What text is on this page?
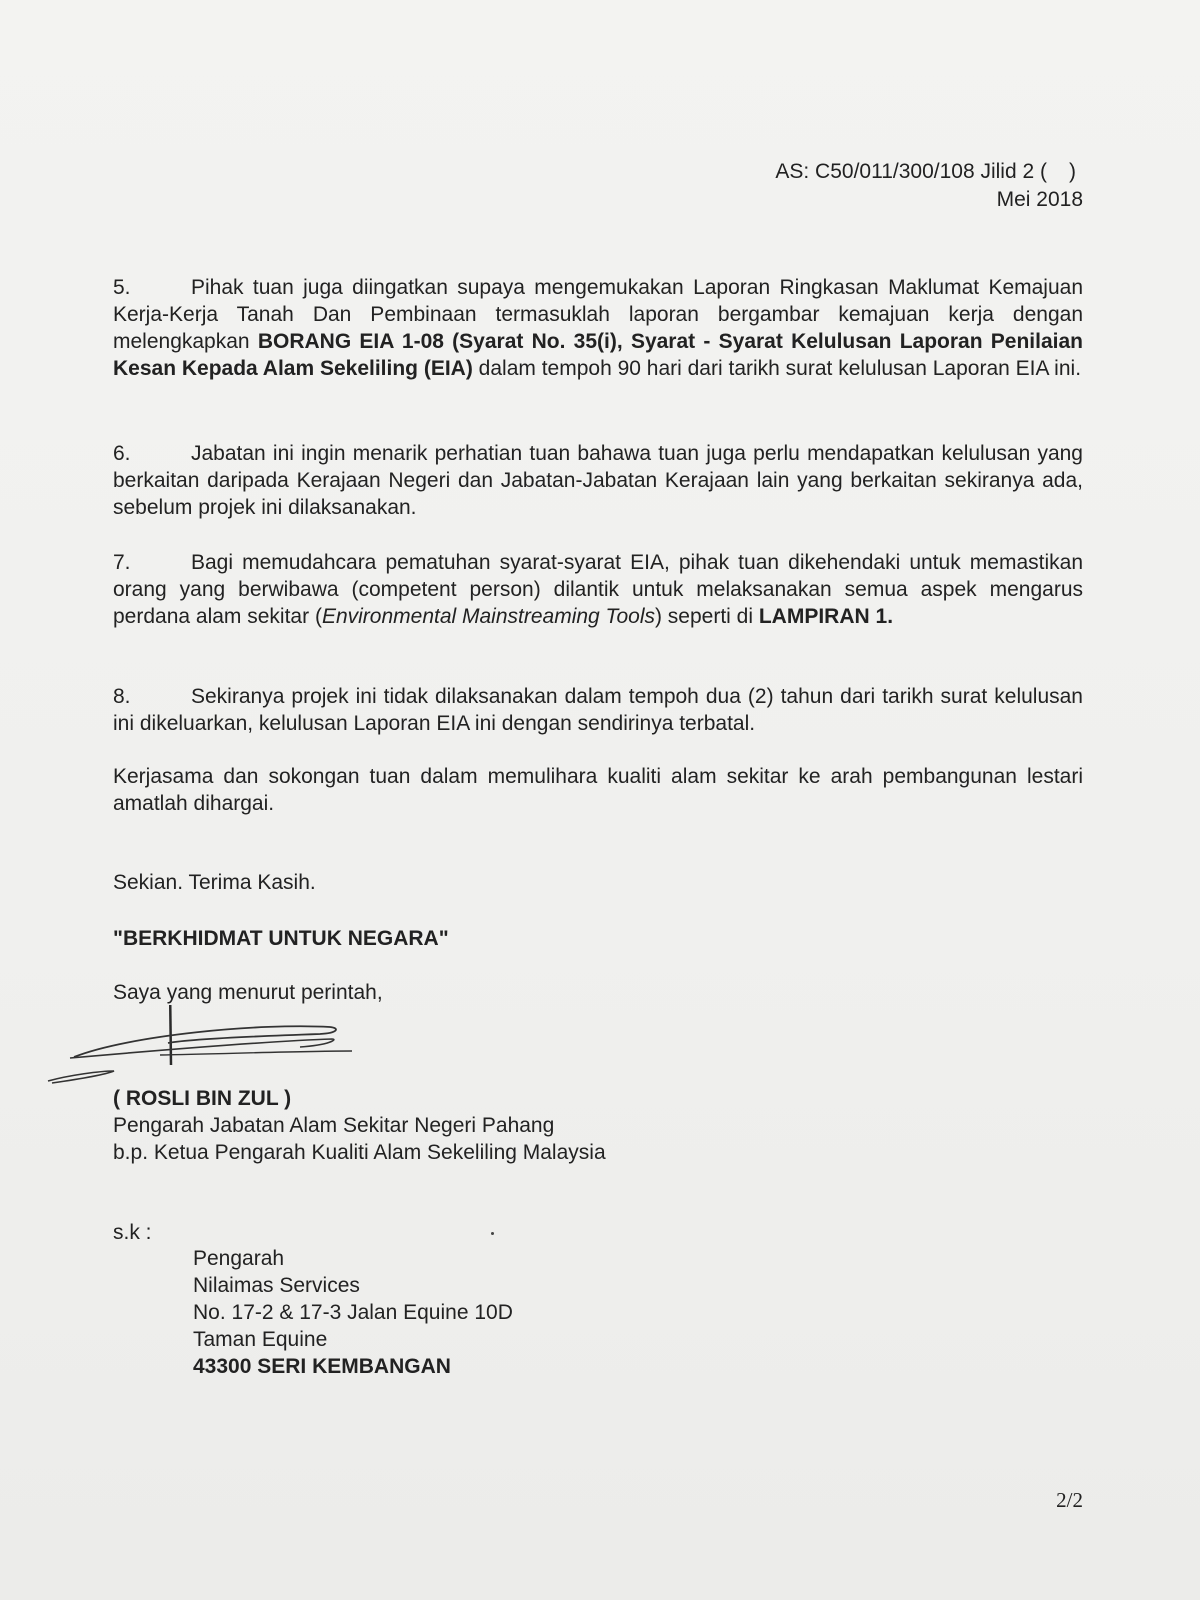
AS: C50/011/300/108 Jilid 2 ( )
Mei 2018
5.	Pihak tuan juga diingatkan supaya mengemukakan Laporan Ringkasan Maklumat Kemajuan Kerja-Kerja Tanah Dan Pembinaan termasuklah laporan bergambar kemajuan kerja dengan melengkapkan BORANG EIA 1-08 (Syarat No. 35(i), Syarat - Syarat Kelulusan Laporan Penilaian Kesan Kepada Alam Sekeliling (EIA) dalam tempoh 90 hari dari tarikh surat kelulusan Laporan EIA ini.
6.	Jabatan ini ingin menarik perhatian tuan bahawa tuan juga perlu mendapatkan kelulusan yang berkaitan daripada Kerajaan Negeri dan Jabatan-Jabatan Kerajaan lain yang berkaitan sekiranya ada, sebelum projek ini dilaksanakan.
7.	Bagi memudahcara pematuhan syarat-syarat EIA, pihak tuan dikehendaki untuk memastikan orang yang berwibawa (competent person) dilantik untuk melaksanakan semua aspek mengarus perdana alam sekitar (Environmental Mainstreaming Tools) seperti di LAMPIRAN 1.
8.	Sekiranya projek ini tidak dilaksanakan dalam tempoh dua (2) tahun dari tarikh surat kelulusan ini dikeluarkan, kelulusan Laporan EIA ini dengan sendirinya terbatal.
Kerjasama dan sokongan tuan dalam memulihara kualiti alam sekitar ke arah pembangunan lestari amatlah dihargai.
Sekian. Terima Kasih.
"BERKHIDMAT UNTUK NEGARA"
Saya yang menurut perintah,
( ROSLI BIN ZUL )
Pengarah Jabatan Alam Sekitar Negeri Pahang
b.p. Ketua Pengarah Kualiti Alam Sekeliling Malaysia
s.k :
Pengarah
Nilaimas Services
No. 17-2 & 17-3 Jalan Equine 10D
Taman Equine
43300 SERI KEMBANGAN
2/2
